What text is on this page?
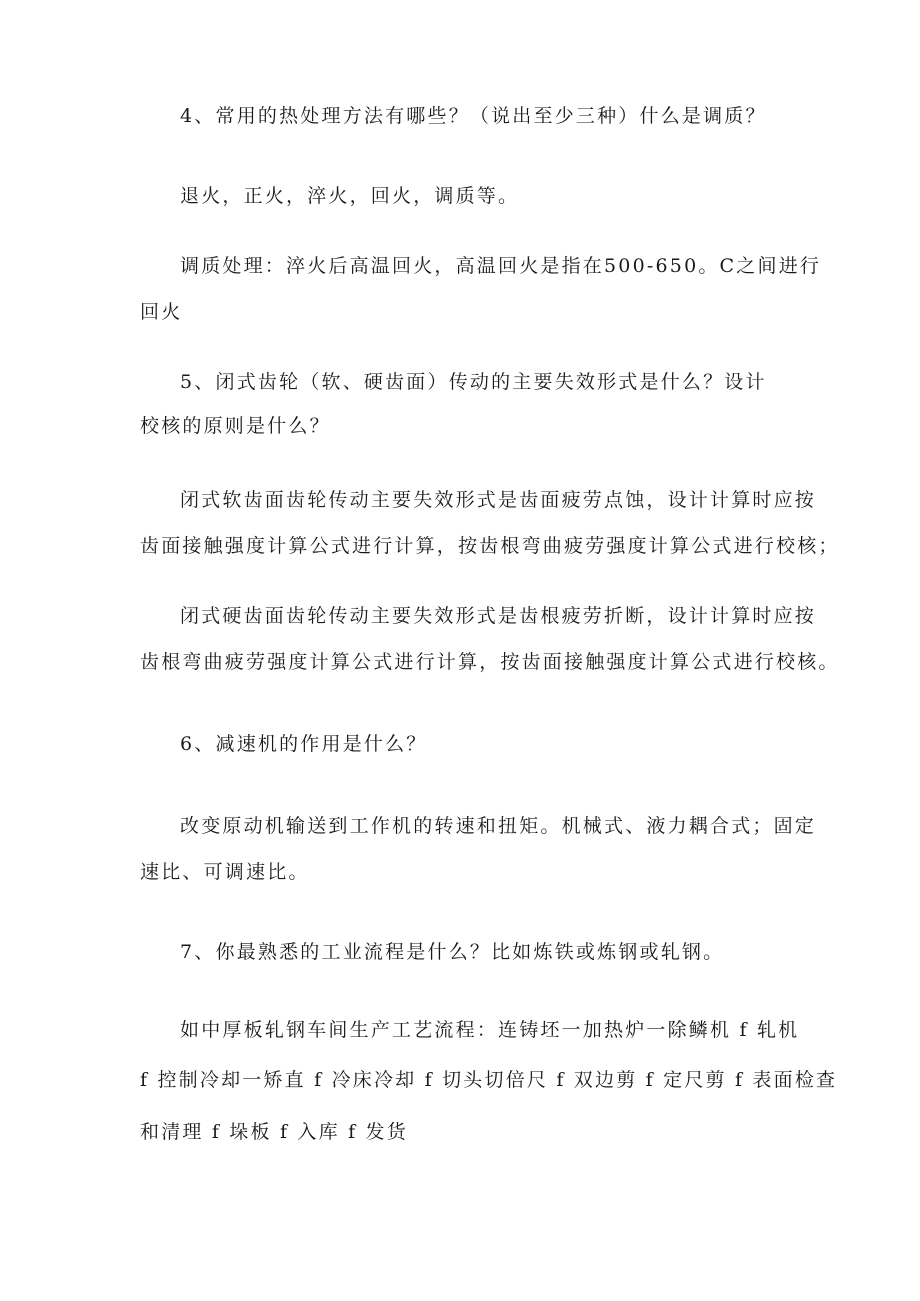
4、常用的热处理方法有哪些？（说出至少三种）什么是调质？

退火，正火，淬火，回火，调质等。

调质处理：淬火后高温回火，高温回火是指在500-650。C之间进行

回火

5、闭式齿轮（软、硬齿面）传动的主要失效形式是什么？设计

校核的原则是什么？

闭式软齿面齿轮传动主要失效形式是齿面疲劳点蚀，设计计算时应按

齿面接触强度计算公式进行计算，按齿根弯曲疲劳强度计算公式进行校核；

闭式硬齿面齿轮传动主要失效形式是齿根疲劳折断，设计计算时应按

齿根弯曲疲劳强度计算公式进行计算，按齿面接触强度计算公式进行校核。

6、减速机的作用是什么？

改变原动机输送到工作机的转速和扭矩。机械式、液力耦合式；固定

速比、可调速比。

7、你最熟悉的工业流程是什么？比如炼铁或炼钢或轧钢。

如中厚板轧钢车间生产工艺流程：连铸坯一加热炉一除鳞机 f 轧机

f 控制冷却一矫直 f 冷床冷却 f 切头切倍尺 f 双边剪 f 定尺剪 f 表面检查

和清理 f 垛板 f 入库 f 发货
